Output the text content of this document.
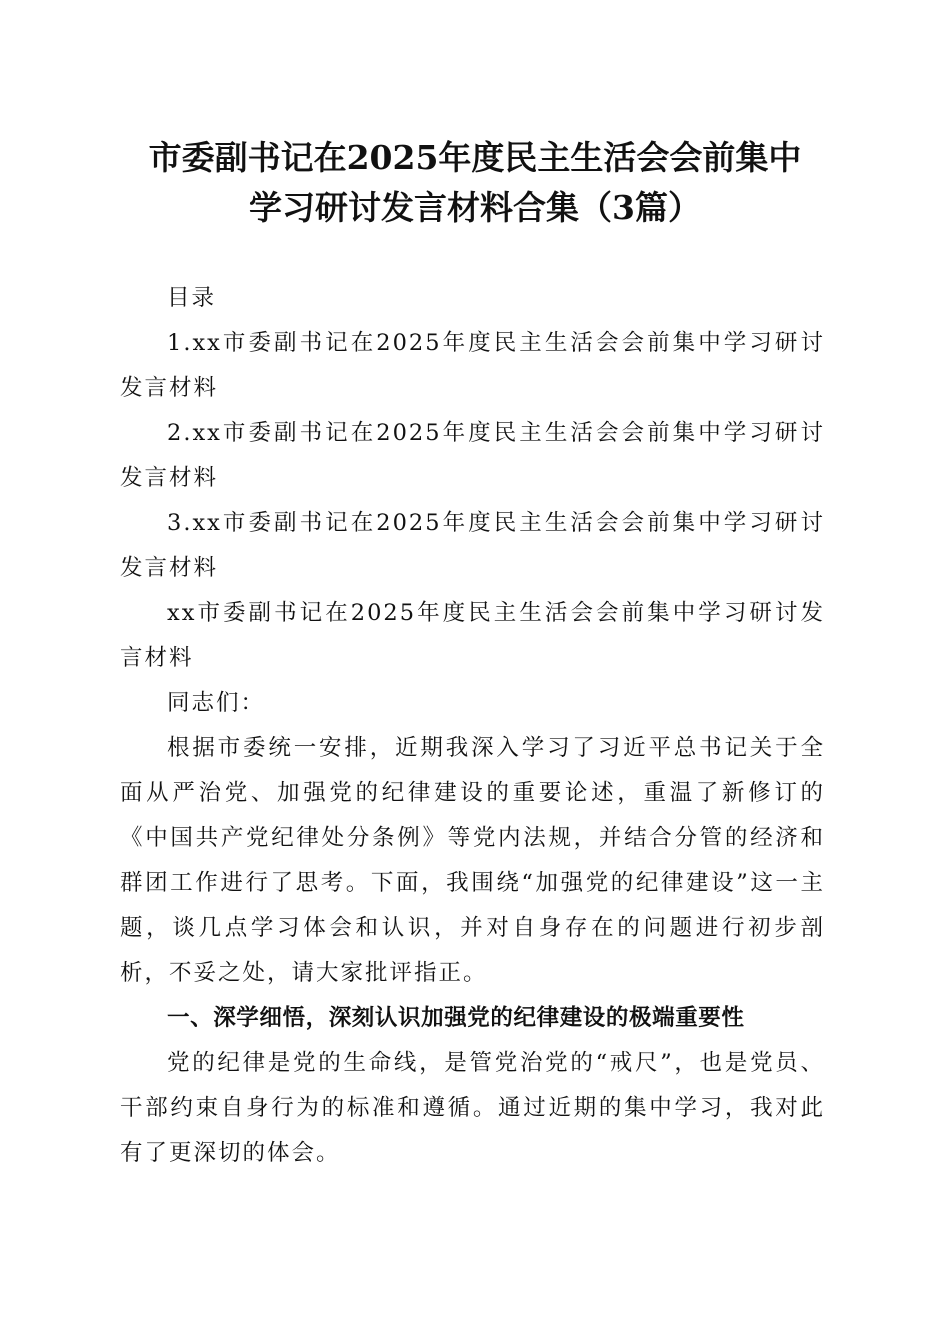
市委副书记在2025年度民主生活会会前集中
学习研讨发言材料合集（3篇）

目录

1.xx市委副书记在2025年度民主生活会会前集中学习研讨发言材料

2.xx市委副书记在2025年度民主生活会会前集中学习研讨发言材料

3.xx市委副书记在2025年度民主生活会会前集中学习研讨发言材料

xx市委副书记在2025年度民主生活会会前集中学习研讨发言材料

同志们：

根据市委统一安排，近期我深入学习了习近平总书记关于全面从严治党、加强党的纪律建设的重要论述，重温了新修订的《中国共产党纪律处分条例》等党内法规，并结合分管的经济和群团工作进行了思考。下面，我围绕“加强党的纪律建设”这一主题，谈几点学习体会和认识，并对自身存在的问题进行初步剖析，不妥之处，请大家批评指正。

一、深学细悟，深刻认识加强党的纪律建设的极端重要性

党的纪律是党的生命线，是管党治党的“戒尺”，也是党员、干部约束自身行为的标准和遵循。通过近期的集中学习，我对此有了更深切的体会。
